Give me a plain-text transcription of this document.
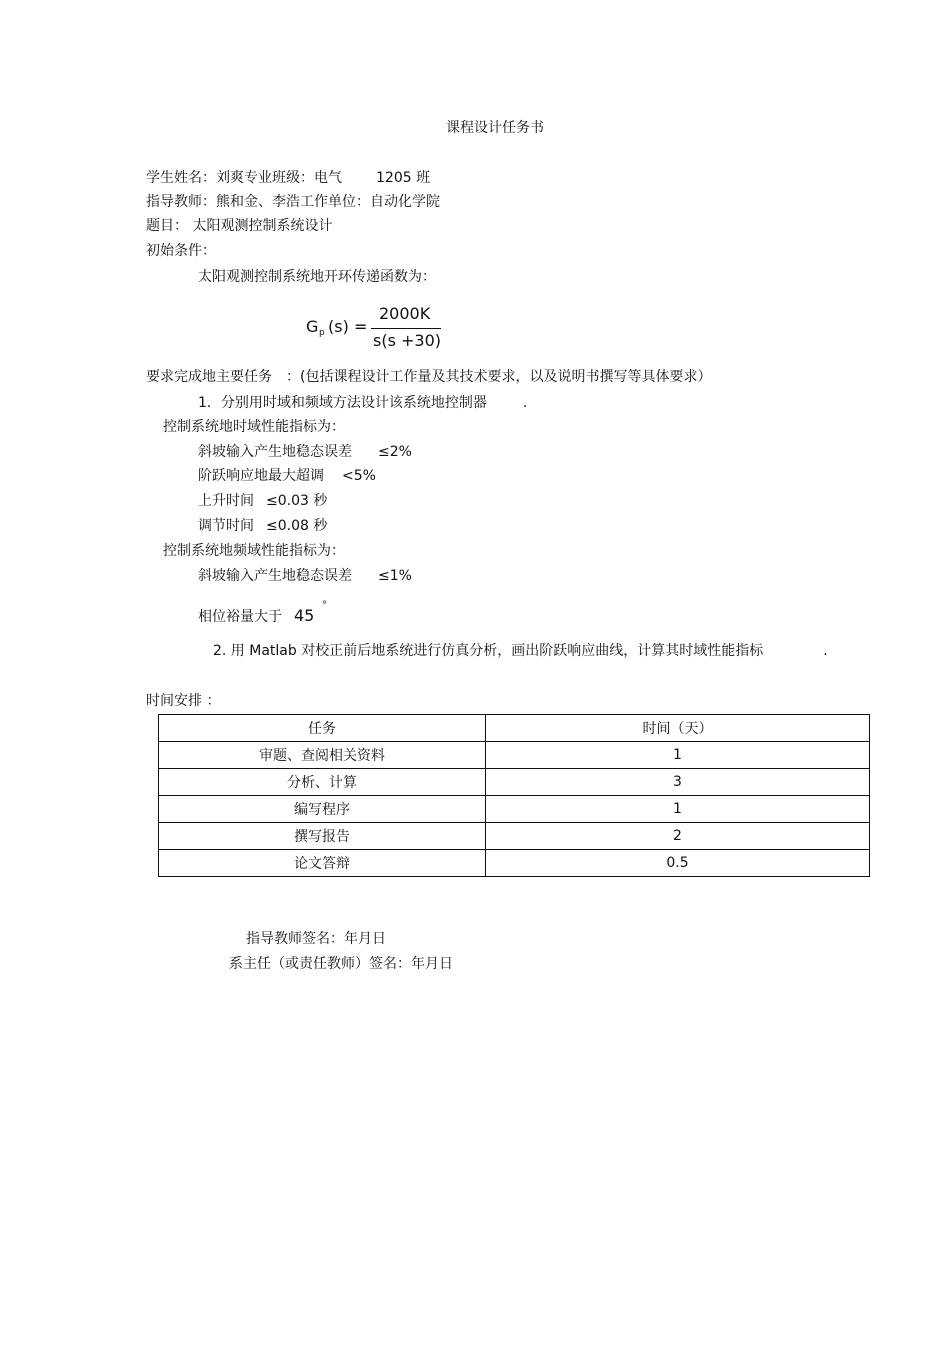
课程设计任务书
学生姓名：刘爽专业班级：电气 1205 班
指导教师：熊和金、李浩工作单位：自动化学院
题目： 太阳观测控制系统设计
初始条件：
太阳观测控制系统地开环传递函数为：
G p (s) =
2000K
s(s +30)
要求完成地主要任务 ：(包括课程设计工作量及其技术要求，以及说明书撰写等具体要求）
1．分别用时域和频域方法设计该系统地控制器	.
控制系统地时域性能指标为：
斜坡输入产生地稳态误差 ≤2%
阶跃响应地最大超调 <5%
上升时间 ≤0.03 秒
调节时间 ≤0.08 秒
控制系统地频域性能指标为：
斜坡输入产生地稳态误差 ≤1%
相位裕量大于 45
°
2. 用 Matlab 对校正前后地系统进行仿真分析，画出阶跃响应曲线，计算其时域性能指标	.
时间安排 ：
任务	时间（天）
审题、查阅相关资料	1
分析、计算	3
编写程序	1
撰写报告	2
论文答辩	0.5
指导教师签名：年月日
系主任（或责任教师）签名：年月日
